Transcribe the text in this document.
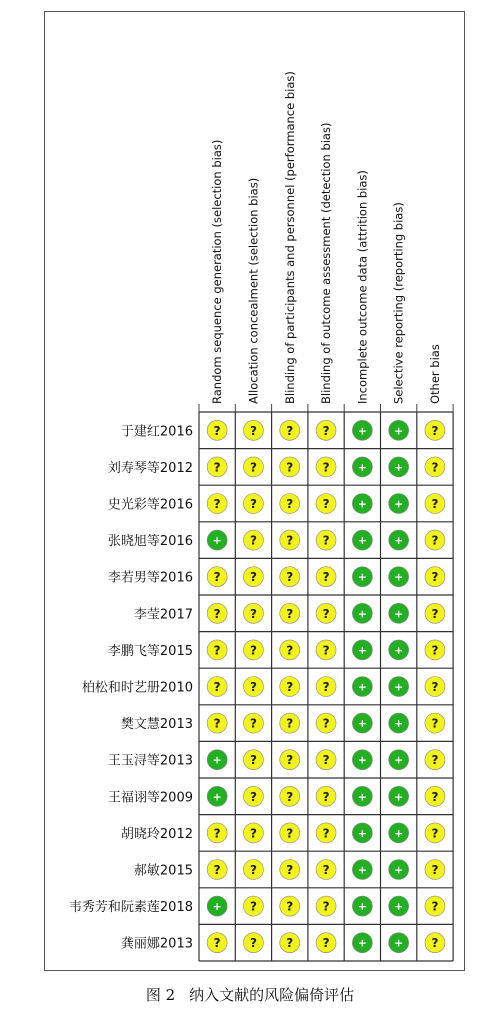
Random sequence generation (selection bias) Allocation concealment (selection bias) Blinding of participants and personnel (performance bias) Blinding of outcome assessment (detection bias) Incomplete outcome data (attrition bias) Selective reporting (reporting bias) Other bias
于建红2016 ? ? ? ?	+ + ?
刘寿琴等2012 ? ? ? ?	+ + ?
史光彩等2016 ? ? ? ?	+ + ?
张晓旭等2016 + ? ? ?	+ + ?
李若男等2016 ? ? ? ?	+ + ?
李莹2017 ? ? ? ?	+ + ?
李鹏飞等2015 ? ? ? ?	+ + ?
柏松和时艺册2010 ? ? ? ?	+ + ?
樊文慧2013 ? ? ? ?	+ + ?
王玉浔等2013 + ? ? ?	+ + ?
王福诩等2009 + ? ? ?	+ + ?
胡晓玲2012 ? ? ? ?	+ + ?
郝敏2015 ? ? ? ?	+ + ?
韦秀芳和阮素莲2018 + ? ? ?	+ + ?
龚丽娜2013 ? ? ? ?	+ + ?
图 2 纳入文献的风险偏倚评估
